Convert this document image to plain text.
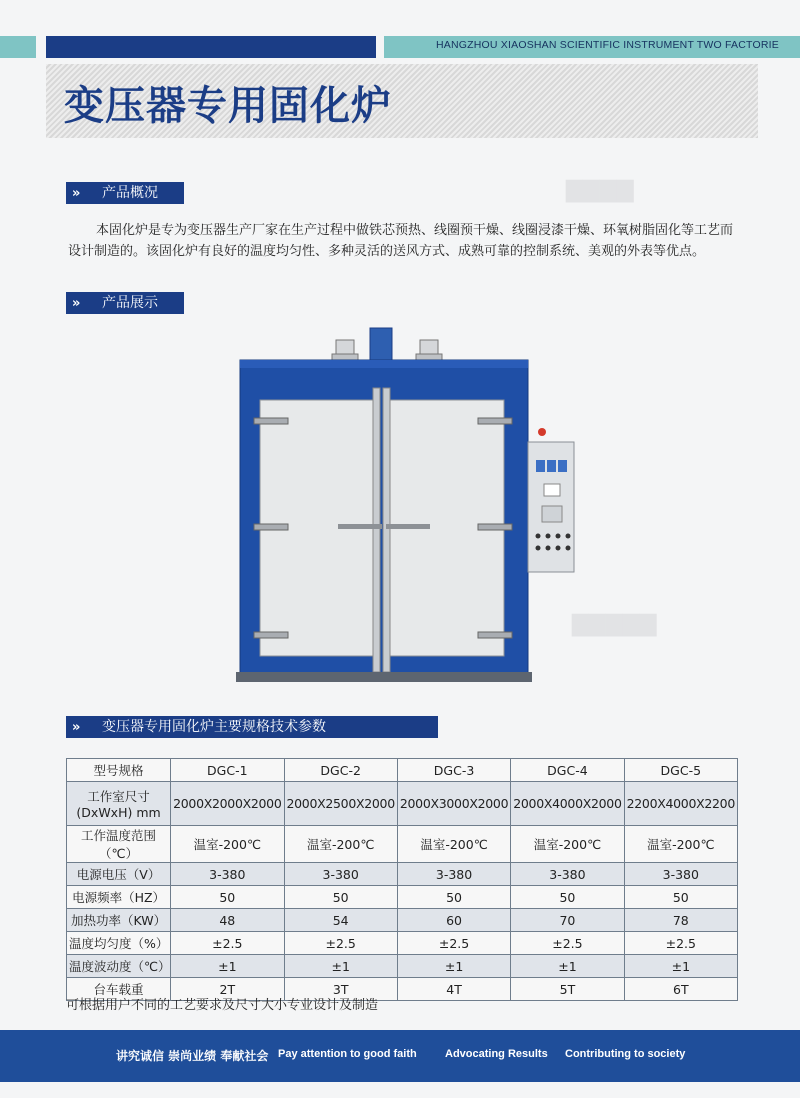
HANGZHOU XIAOSHAN SCIENTIFIC INSTRUMENT TWO FACTORIE
变压器专用固化炉
▇▇▇▇
▇▇▇▇▇
» 产品概况

本固化炉是专为变压器生产厂家在生产过程中做铁芯预热、线圈预干燥、线圈浸漆干燥、环氧树脂固化等工艺而设计制造的。该固化炉有良好的温度均匀性、多种灵活的送风方式、成熟可靠的控制系统、美观的外表等优点。

» 产品展示
» 变压器专用固化炉主要规格技术参数
型号规格	DGC-1	DGC-2	DGC-3	DGC-4	DGC-5

工作室尺寸
(DxWxH) mm	2000X2000X2000	2000X2500X2000	2000X3000X2000	2000X4000X2000	2200X4000X2200
工作温度范围（℃）	温室-200℃	温室-200℃	温室-200℃	温室-200℃	温室-200℃
电源电压（V）	3-380	3-380	3-380	3-380	3-380
电源频率（HZ）	50	50	50	50	50
加热功率（KW）	48	54	60	70	78
温度均匀度（%）	±2.5	±2.5	±2.5	±2.5	±2.5
温度波动度（℃）	±1	±1	±1	±1	±1
台车载重	2T	3T	4T	5T	6T

可根据用户不同的工艺要求及尺寸大小专业设计及制造

讲究诚信 崇尚业绩 奉献社会 Pay attention to good faith	Advocating Results Contributing to society
